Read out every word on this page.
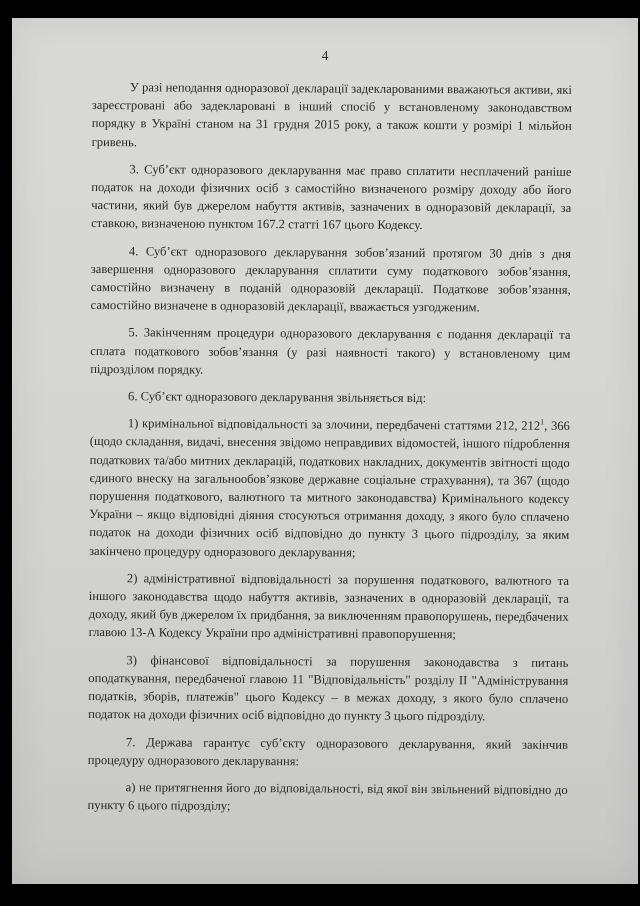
4

У разі неподання одноразової декларації задекларованими вважаються активи, які зареєстровані або задекларовані в інший спосіб у встановленому законодавством порядку в Україні станом на 31 грудня 2015 року, а також кошти у розмірі 1 мільйон гривень.

3. Суб’єкт одноразового декларування має право сплатити несплачений раніше податок на доходи фізичних осіб з самостійно визначеного розміру доходу або його частини, який був джерелом набуття активів, зазначених в одноразовій декларації, за ставкою, визначеною пунктом 167.2 статті 167 цього Кодексу.

4. Суб’єкт одноразового декларування зобов’язаний протягом 30 днів з дня завершення одноразового декларування сплатити суму податкового зобов’язання, самостійно визначену в поданій одноразовій декларації. Податкове зобов’язання, самостійно визначене в одноразовій декларації, вважається узгодженим.

5. Закінченням процедури одноразового декларування є подання декларації та сплата податкового зобов’язання (у разі наявності такого) у встановленому цим підрозділом порядку.

6. Суб’єкт одноразового декларування звільняється від:

1) кримінальної відповідальності за злочини, передбачені статтями 212, $212^1$, 366 (щодо складання, видачі, внесення звідомо неправдивих відомостей, іншого підроблення податкових та/або митних декларацій, податкових накладних, документів звітності щодо єдиного внеску на загальнообов’язкове державне соціальне страхування), та 367 (щодо порушення податкового, валютного та митного законодавства) Кримінального кодексу України – якщо відповідні діяння стосуються отримання доходу, з якого було сплачено податок на доходи фізичних осіб відповідно до пункту 3 цього підрозділу, за яким закінчено процедуру одноразового декларування;

2) адміністративної відповідальності за порушення податкового, валютного та іншого законодавства щодо набуття активів, зазначених в одноразовій декларації, та доходу, який був джерелом їх придбання, за виключенням правопорушень, передбачених главою 13-А Кодексу України про адміністративні правопорушення;

3) фінансової відповідальності за порушення законодавства з питань оподаткування, передбаченої главою 11 "Відповідальність" розділу II "Адміністрування податків, зборів, платежів" цього Кодексу – в межах доходу, з якого було сплачено податок на доходи фізичних осіб відповідно до пункту 3 цього підрозділу.

7. Держава гарантує суб’єкту одноразового декларування, який закінчив процедуру одноразового декларування:

а) не притягнення його до відповідальності, від якої він звільнений відповідно до пункту 6 цього підрозділу;
